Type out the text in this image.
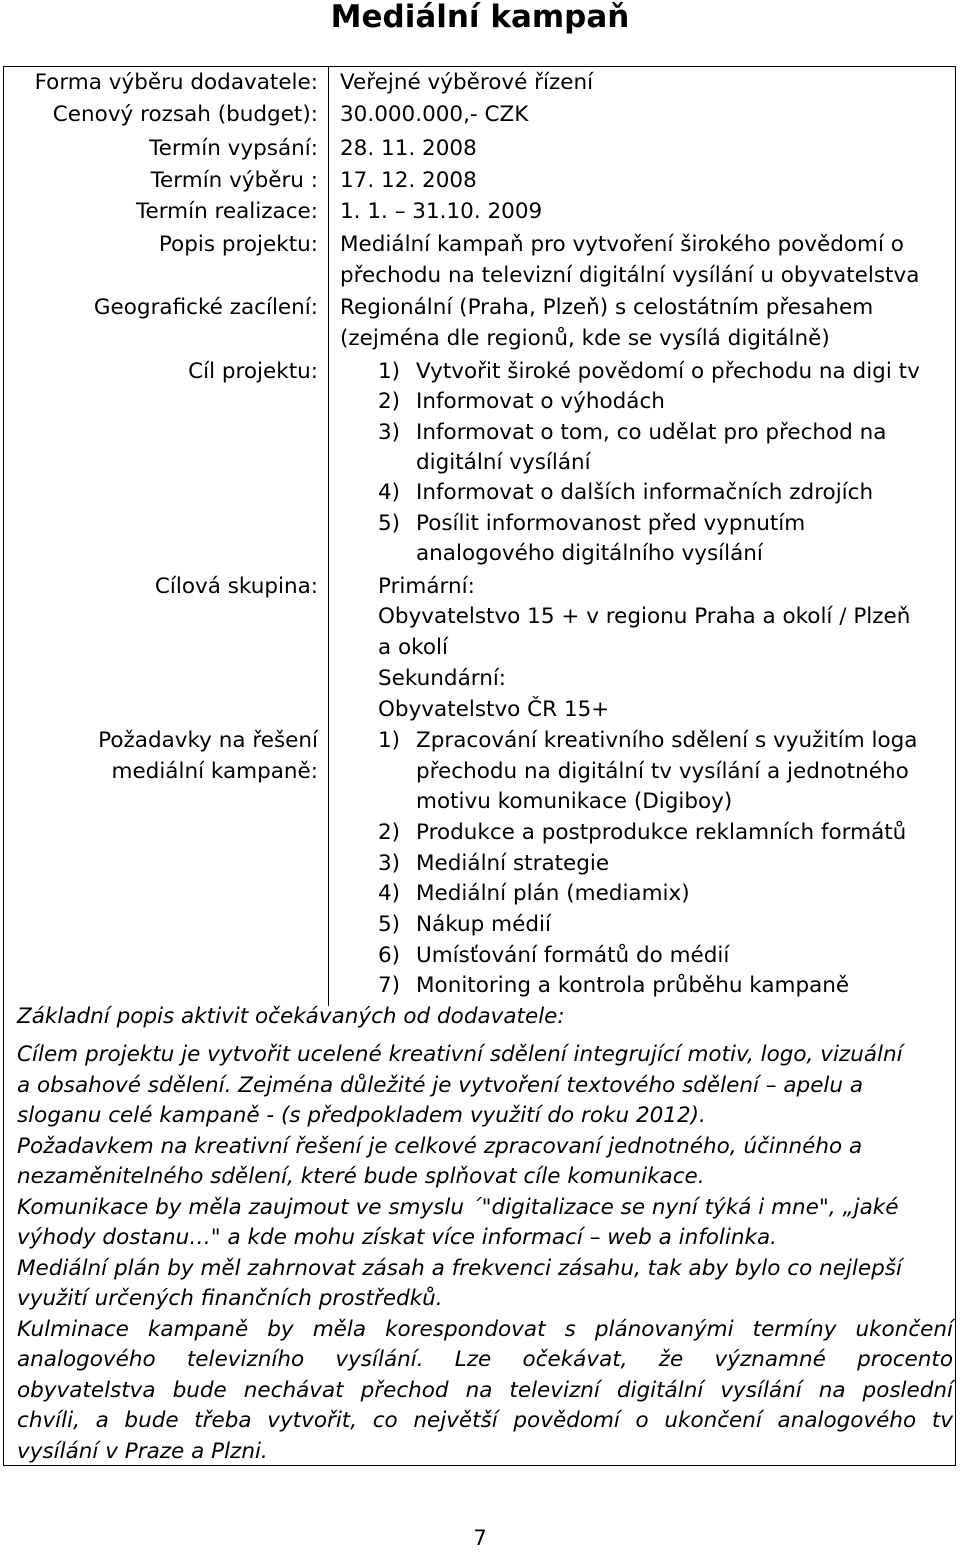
Mediální kampaň
Forma výběru dodavatele: Veřejné výběrové řízení
Cenový rozsah (budget): 30.000.000,- CZK
Termín vypsání: 28. 11. 2008
Termín výběru : 17. 12. 2008
Termín realizace: 1. 1. – 31.10. 2009
Popis projektu: Mediální kampaň pro vytvoření širokého povědomí o
přechodu na televizní digitální vysílání u obyvatelstva
Geografické zacílení: Regionální (Praha, Plzeň) s celostátním přesahem
(zejména dle regionů, kde se vysílá digitálně)
Cíl projektu:	1) Vytvořit široké povědomí o přechodu na digi tv
2) Informovat o výhodách
3) Informovat o tom, co udělat pro přechod na
digitální vysílání
4) Informovat o dalších informačních zdrojích
5) Posílit informovanost před vypnutím
analogového digitálního vysílání
Cílová skupina:	Primární:
Obyvatelstvo 15 + v regionu Praha a okolí / Plzeň
a okolí
Sekundární:
Obyvatelstvo ČR 15+
Požadavky na řešení
mediální kampaně:
1) Zpracování kreativního sdělení s využitím loga
přechodu na digitální tv vysílání a jednotného
motivu komunikace (Digiboy)
2) Produkce a postprodukce reklamních formátů
3) Mediální strategie
4) Mediální plán (mediamix)
5) Nákup médií
6) Umísťování formátů do médií
7) Monitoring a kontrola průběhu kampaně
Základní popis aktivit očekávaných od dodavatele:
Cílem projektu je vytvořit ucelené kreativní sdělení integrující motiv, logo, vizuální
a obsahové sdělení. Zejména důležité je vytvoření textového sdělení – apelu a
sloganu celé kampaně - (s předpokladem využití do roku 2012).
Požadavkem na kreativní řešení je celkové zpracovaní jednotného, účinného a
nezaměnitelného sdělení, které bude splňovat cíle komunikace.
Komunikace by měla zaujmout ve smyslu ´"digitalizace se nyní týká i mne", „jaké
výhody dostanu…" a kde mohu získat více informací – web a infolinka.
Mediální plán by měl zahrnovat zásah a frekvenci zásahu, tak aby bylo co nejlepší
využití určených finančních prostředků.
Kulminace kampaně by měla korespondovat s plánovanými termíny ukončení
analogového televizního vysílání. Lze očekávat, že významné procento
obyvatelstva bude nechávat přechod na televizní digitální vysílání na poslední
chvíli, a bude třeba vytvořit, co největší povědomí o ukončení analogového tv
vysílání v Praze a Plzni.
7
